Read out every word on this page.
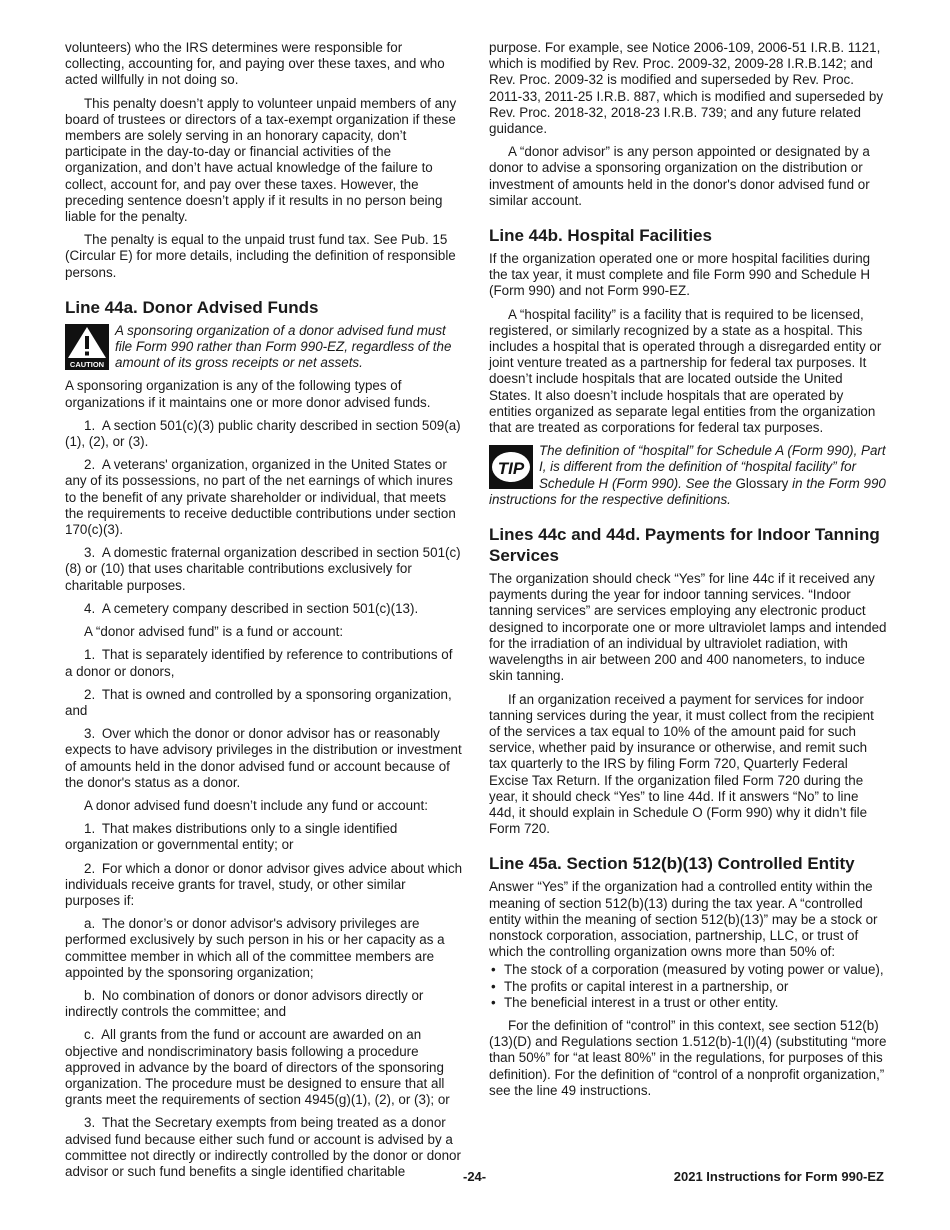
volunteers) who the IRS determines were responsible for collecting, accounting for, and paying over these taxes, and who acted willfully in not doing so.

This penalty doesn’t apply to volunteer unpaid members of any board of trustees or directors of a tax-exempt organization if these members are solely serving in an honorary capacity, don’t participate in the day-to-day or financial activities of the organization, and don’t have actual knowledge of the failure to collect, account for, and pay over these taxes. However, the preceding sentence doesn’t apply if it results in no person being liable for the penalty.

The penalty is equal to the unpaid trust fund tax. See Pub. 15 (Circular E) for more details, including the definition of responsible persons.

Line 44a. Donor Advised Funds
CAUTION
A sponsoring organization of a donor advised fund must file Form 990 rather than Form 990-EZ, regardless of the amount of its gross receipts or net assets.

A sponsoring organization is any of the following types of organizations if it maintains one or more donor advised funds.

1. A section 501(c)(3) public charity described in section 509(a)(1), (2), or (3).

2. A veterans' organization, organized in the United States or any of its possessions, no part of the net earnings of which inures to the benefit of any private shareholder or individual, that meets the requirements to receive deductible contributions under section 170(c)(3).

3. A domestic fraternal organization described in section 501(c)(8) or (10) that uses charitable contributions exclusively for charitable purposes.

4. A cemetery company described in section 501(c)(13).

A “donor advised fund” is a fund or account:

1. That is separately identified by reference to contributions of a donor or donors,

2. That is owned and controlled by a sponsoring organization, and

3. Over which the donor or donor advisor has or reasonably expects to have advisory privileges in the distribution or investment of amounts held in the donor advised fund or account because of the donor's status as a donor.

A donor advised fund doesn’t include any fund or account:

1. That makes distributions only to a single identified organization or governmental entity; or

2. For which a donor or donor advisor gives advice about which individuals receive grants for travel, study, or other similar purposes if:

a. The donor’s or donor advisor's advisory privileges are performed exclusively by such person in his or her capacity as a committee member in which all of the committee members are appointed by the sponsoring organization;

b. No combination of donors or donor advisors directly or indirectly controls the committee; and

c. All grants from the fund or account are awarded on an objective and nondiscriminatory basis following a procedure approved in advance by the board of directors of the sponsoring organization. The procedure must be designed to ensure that all grants meet the requirements of section 4945(g)(1), (2), or (3); or

3. That the Secretary exempts from being treated as a donor advised fund because either such fund or account is advised by a committee not directly or indirectly controlled by the donor or donor advisor or such fund benefits a single identified charitable

purpose. For example, see Notice 2006-109, 2006-51 I.R.B. 1121, which is modified by Rev. Proc. 2009-32, 2009-28 I.R.B.142; and Rev. Proc. 2009-32 is modified and superseded by Rev. Proc. 2011-33, 2011-25 I.R.B. 887, which is modified and superseded by Rev. Proc. 2018-32, 2018-23 I.R.B. 739; and any future related guidance.

A “donor advisor” is any person appointed or designated by a donor to advise a sponsoring organization on the distribution or investment of amounts held in the donor's donor advised fund or similar account.

Line 44b. Hospital Facilities

If the organization operated one or more hospital facilities during the tax year, it must complete and file Form 990 and Schedule H (Form 990) and not Form 990-EZ.

A “hospital facility” is a facility that is required to be licensed, registered, or similarly recognized by a state as a hospital. This includes a hospital that is operated through a disregarded entity or joint venture treated as a partnership for federal tax purposes. It doesn’t include hospitals that are located outside the United States. It also doesn’t include hospitals that are operated by entities organized as separate legal entities from the organization that are treated as corporations for federal tax purposes.

TIP
The definition of “hospital” for Schedule A (Form 990), Part I, is different from the definition of “hospital facility” for Schedule H (Form 990). See the Glossary in the Form 990 instructions for the respective definitions.
Lines 44c and 44d. Payments for Indoor Tanning Services

The organization should check “Yes” for line 44c if it received any payments during the year for indoor tanning services. “Indoor tanning services” are services employing any electronic product designed to incorporate one or more ultraviolet lamps and intended for the irradiation of an individual by ultraviolet radiation, with wavelengths in air between 200 and 400 nanometers, to induce skin tanning.

If an organization received a payment for services for indoor tanning services during the year, it must collect from the recipient of the services a tax equal to 10% of the amount paid for such service, whether paid by insurance or otherwise, and remit such tax quarterly to the IRS by filing Form 720, Quarterly Federal Excise Tax Return. If the organization filed Form 720 during the year, it should check “Yes” to line 44d. If it answers “No” to line 44d, it should explain in Schedule O (Form 990) why it didn’t file Form 720.

Line 45a. Section 512(b)(13) Controlled Entity

Answer “Yes” if the organization had a controlled entity within the meaning of section 512(b)(13) during the tax year. A “controlled entity within the meaning of section 512(b)(13)” may be a stock or nonstock corporation, association, partnership, LLC, or trust of which the controlling organization owns more than 50% of:

• The stock of a corporation (measured by voting power or value),
• The profits or capital interest in a partnership, or
• The beneficial interest in a trust or other entity.

For the definition of “control” in this context, see section 512(b)(13)(D) and Regulations section 1.512(b)-1(l)(4) (substituting “more than 50%” for “at least 80%” in the regulations, for purposes of this definition). For the definition of “control of a nonprofit organization,” see the line 49 instructions.

-24-	2021 Instructions for Form 990-EZ
